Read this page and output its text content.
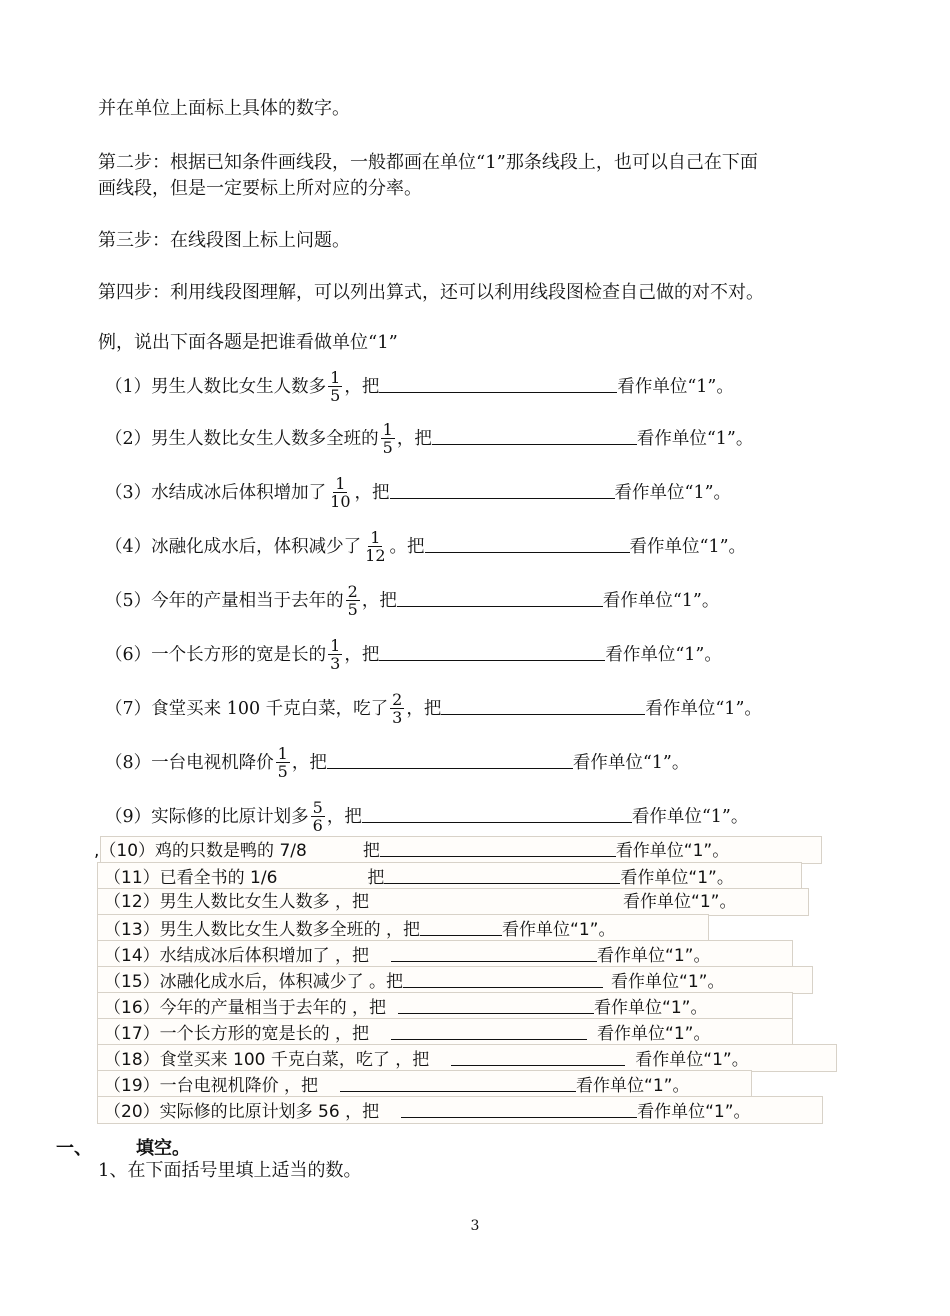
并在单位上面标上具体的数字。
第二步：根据已知条件画线段，一般都画在单位“1”那条线段上，也可以自己在下面
画线段，但是一定要标上所对应的分率。
第三步：在线段图上标上问题。
第四步：利用线段图理解，可以列出算式，还可以利用线段图检查自己做的对不对。
例，说出下面各题是把谁看做单位“1”
（1）男生人数比女生人数多 $\frac{1}{5}$ ，把	看作单位“1”。
（2）男生人数比女生人数多全班的 $\frac{1}{5}$ ，把	看作单位“1”。
（3）水结成冰后体积增加了 $\frac{1}{10}$ ，把	看作单位“1”。
（4）冰融化成水后，体积减少了 $\frac{1}{12}$ 。把	看作单位“1”。
（5）今年的产量相当于去年的 $\frac{2}{5}$ ，把	看作单位“1”。
（6）一个长方形的宽是长的 $\frac{1}{3}$ ，把	看作单位“1”。
（7）食堂买来 100 千克白菜，吃了 $\frac{2}{3}$ ，把	看作单位“1”。
（8）一台电视机降价 $\frac{1}{5}$ ，把	看作单位“1”。
（9）实际修的比原计划多 $\frac{5}{6}$ ，把	看作单位“1”。
,（10）鸡的只数是鸭的 7/8	把	看作单位“1”。
（11）已看全书的 1/6	把	看作单位“1”。
（12）男生人数比女生人数多 ，把	看作单位“1”。
（13）男生人数比女生人数多全班的 ，把	看作单位“1”。
（14）水结成冰后体积增加了 ，把	看作单位“1”。
（15）冰融化成水后，体积减少了 。把	看作单位“1”。
（16）今年的产量相当于去年的 ，把	看作单位“1”。
（17）一个长方形的宽是长的 ，把	看作单位“1”。
（18）食堂买来 100 千克白菜，吃了 ，把	看作单位“1”。
（19）一台电视机降价 ，把	看作单位“1”。
（20）实际修的比原计划多 56 ，把	看作单位“1”。
一、 填空。
1、在下面括号里填上适当的数。
3
